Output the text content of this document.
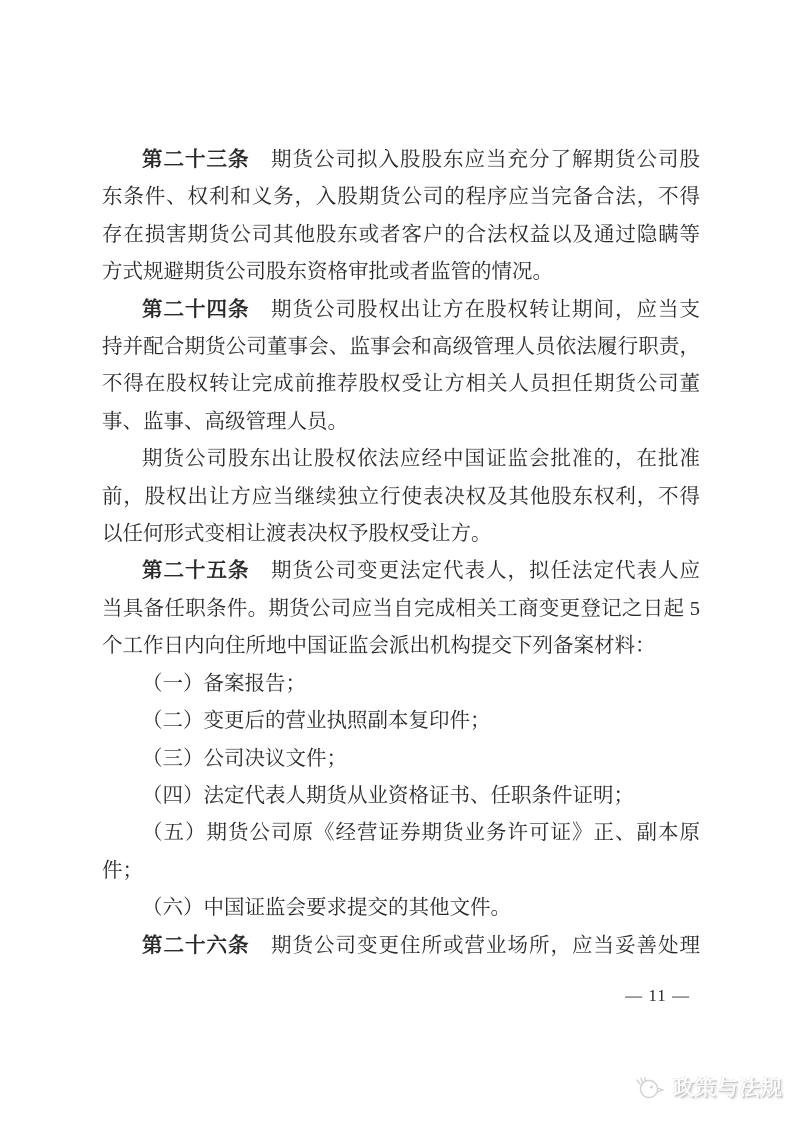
第二十三条　 期货公司拟入股股东应当充分了解期货公司股
东条件、权利和义务，入股期货公司的程序应当完备合法，不得
存在损害期货公司其他股东或者客户的合法权益以及通过隐瞒等
方式规避期货公司股东资格审批或者监管的情况。
第二十四条　 期货公司股权出让方在股权转让期间，应当支
持并配合期货公司董事会、监事会和高级管理人员依法履行职责，
不得在股权转让完成前推荐股权受让方相关人员担任期货公司董
事、监事、高级管理人员。
期货公司股东出让股权依法应经中国证监会批准的，在批准
前，股权出让方应当继续独立行使表决权及其他股东权利，不得
以任何形式变相让渡表决权予股权受让方。
第二十五条　 期货公司变更法定代表人，拟任法定代表人应
当具备任职条件。期货公司应当自完成相关工商变更登记之日起 5
个工作日内向住所地中国证监会派出机构提交下列备案材料：
（一）备案报告；
（二）变更后的营业执照副本复印件；
（三）公司决议文件；
（四）法定代表人期货从业资格证书、任职条件证明；
（五）期货公司原《经营证券期货业务许可证》正、副本原
件；
（六）中国证监会要求提交的其他文件。
第二十六条　 期货公司变更住所或营业场所，应当妥善处理
— 11 —
政策与法规
